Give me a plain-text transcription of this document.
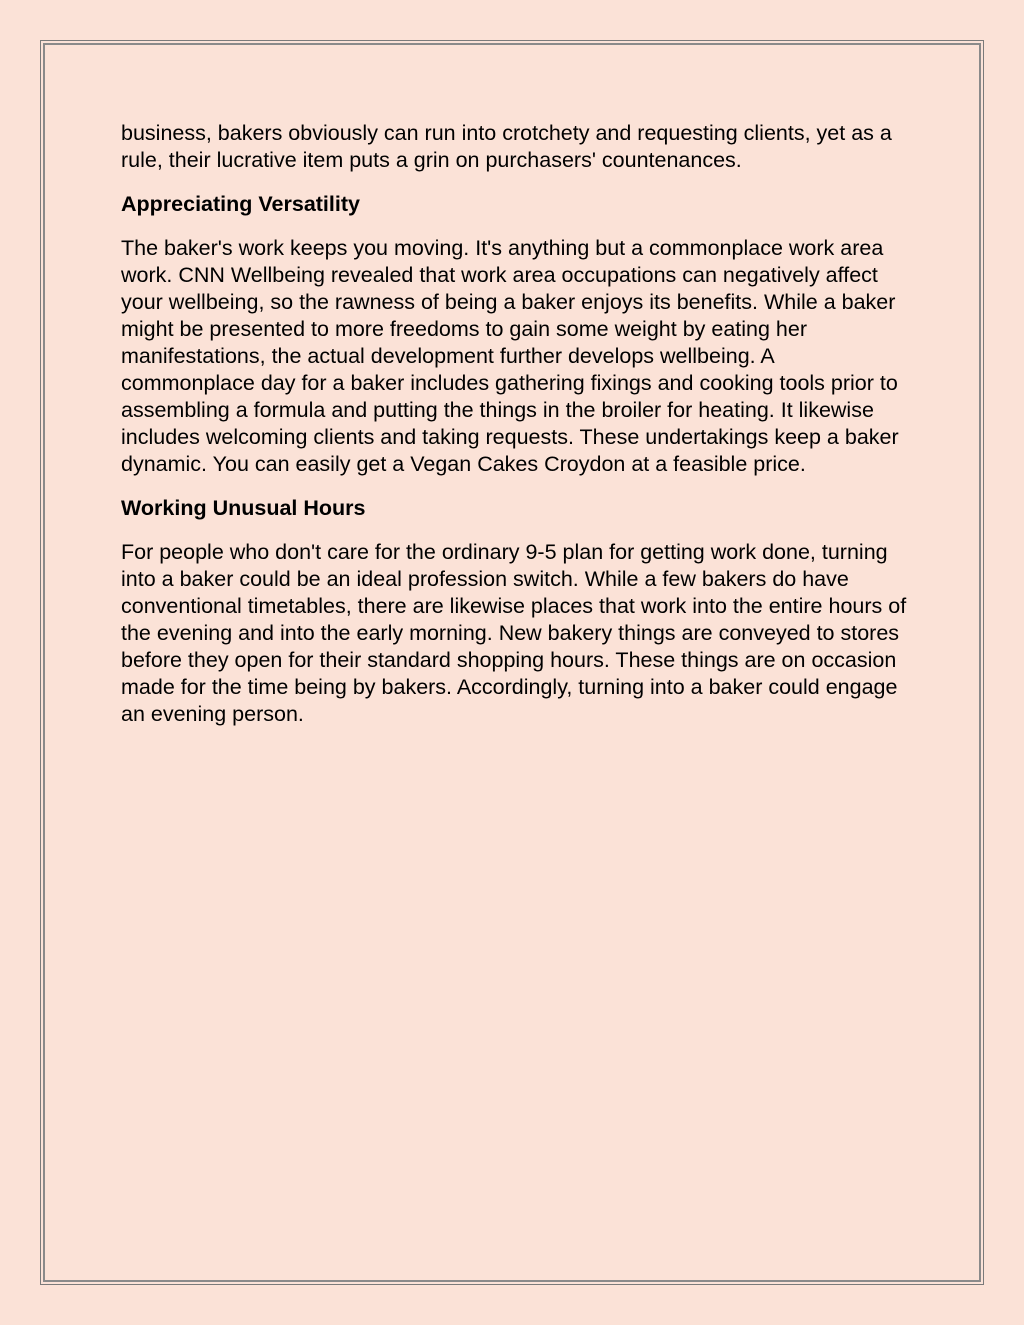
business, bakers obviously can run into crotchety and requesting clients, yet as a rule, their lucrative item puts a grin on purchasers' countenances.

Appreciating Versatility

The baker's work keeps you moving. It's anything but a commonplace work area work. CNN Wellbeing revealed that work area occupations can negatively affect your wellbeing, so the rawness of being a baker enjoys its benefits. While a baker might be presented to more freedoms to gain some weight by eating her manifestations, the actual development further develops wellbeing. A commonplace day for a baker includes gathering fixings and cooking tools prior to assembling a formula and putting the things in the broiler for heating. It likewise includes welcoming clients and taking requests. These undertakings keep a baker dynamic. You can easily get a Vegan Cakes Croydon at a feasible price.

Working Unusual Hours

For people who don't care for the ordinary 9-5 plan for getting work done, turning into a baker could be an ideal profession switch. While a few bakers do have conventional timetables, there are likewise places that work into the entire hours of the evening and into the early morning. New bakery things are conveyed to stores before they open for their standard shopping hours. These things are on occasion made for the time being by bakers. Accordingly, turning into a baker could engage an evening person.
